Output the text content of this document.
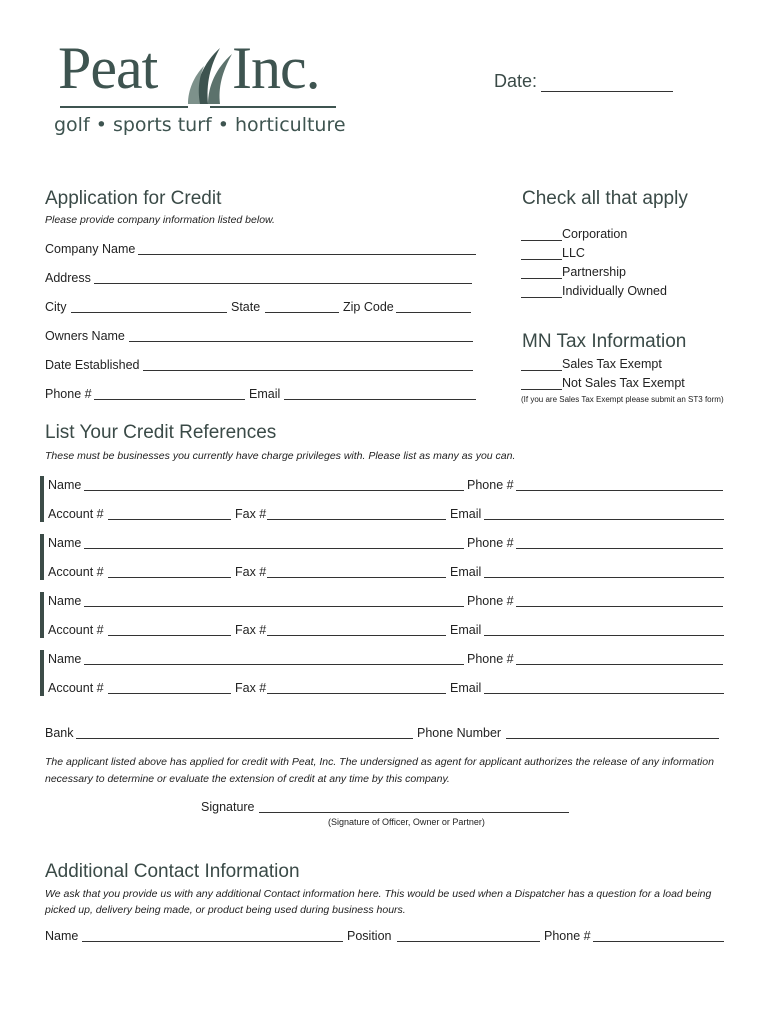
Peat Inc.
golf • sports turf • horticulture
Date:
Application for Credit
Please provide company information listed below.
Company Name
Address
City	State	Zip Code
Owners Name
Date Established
Phone #	Email
Check all that apply
Corporation
LLC
Partnership
Individually Owned
MN Tax Information
Sales Tax Exempt
Not Sales Tax Exempt
(If you are Sales Tax Exempt please submit an ST3 form)
List Your Credit References
These must be businesses you currently have charge privileges with. Please list as many as you can.
Name	Phone #
Account #	Fax #	Email
Name	Phone #
Account #	Fax #	Email
Name	Phone #
Account #	Fax #	Email
Name	Phone #
Account #	Fax #	Email
Bank	Phone Number
The applicant listed above has applied for credit with Peat, Inc. The undersigned as agent for applicant authorizes the release of any information necessary to determine or evaluate the extension of credit at any time by this company.
Signature
(Signature of Officer, Owner or Partner)
Additional Contact Information
We ask that you provide us with any additional Contact information here. This would be used when a Dispatcher has a question for a load being picked up, delivery being made, or product being used during business hours.
Name	Position	Phone #
